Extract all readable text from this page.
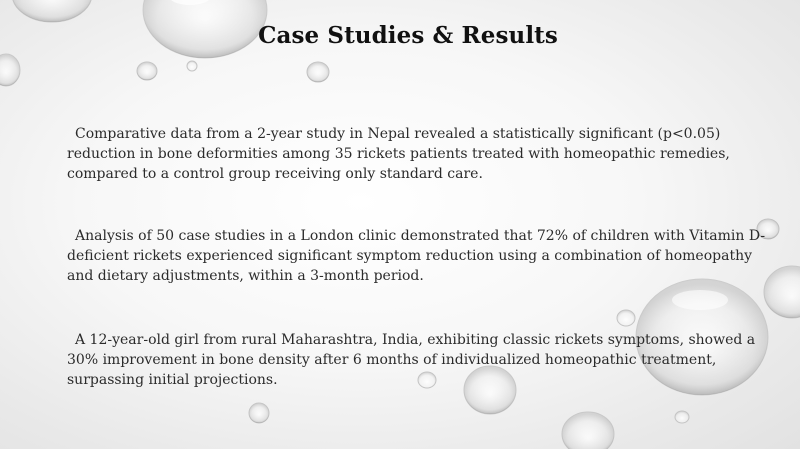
Case Studies & Results
Comparative data from a 2-year study in Nepal revealed a statistically significant (p<0.05) reduction in bone deformities among 35 rickets patients treated with homeopathic remedies, compared to a control group receiving only standard care.
Analysis of 50 case studies in a London clinic demonstrated that 72% of children with Vitamin D-deficient rickets experienced significant symptom reduction using a combination of homeopathy and dietary adjustments, within a 3-month period.
A 12-year-old girl from rural Maharashtra, India, exhibiting classic rickets symptoms, showed a 30% improvement in bone density after 6 months of individualized homeopathic treatment, surpassing initial projections.
